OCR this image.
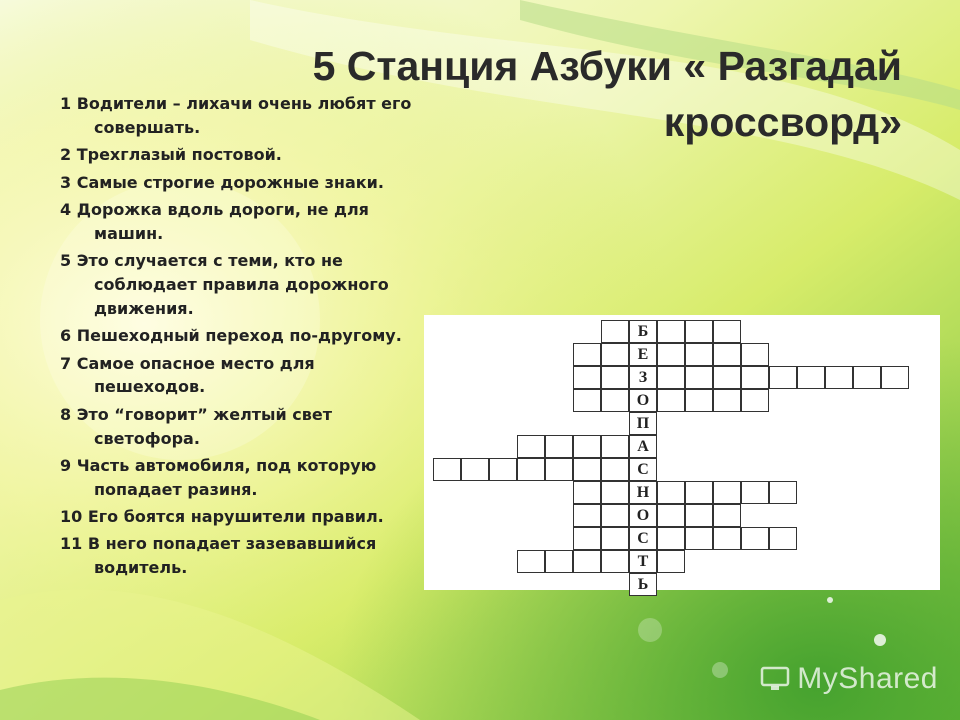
5 Станция Азбуки « Разгадай кроссворд»
1 Водители – лихачи очень любят его совершать.
2 Трехглазый постовой.
3 Самые строгие дорожные знаки.
4 Дорожка вдоль дороги, не для машин.
5 Это случается с теми, кто не соблюдает правила дорожного движения.
6 Пешеходный переход по-другому.
7 Самое опасное место для пешеходов.
8 Это “говорит” желтый свет светофора.
9 Часть автомобиля, под которую попадает разиня.
10 Его боятся нарушители правил.
11 В него попадает зазевавшийся водитель.
Б
Е
З
О
П
А
С
Н
О
С
Т
Ь
MyShared
